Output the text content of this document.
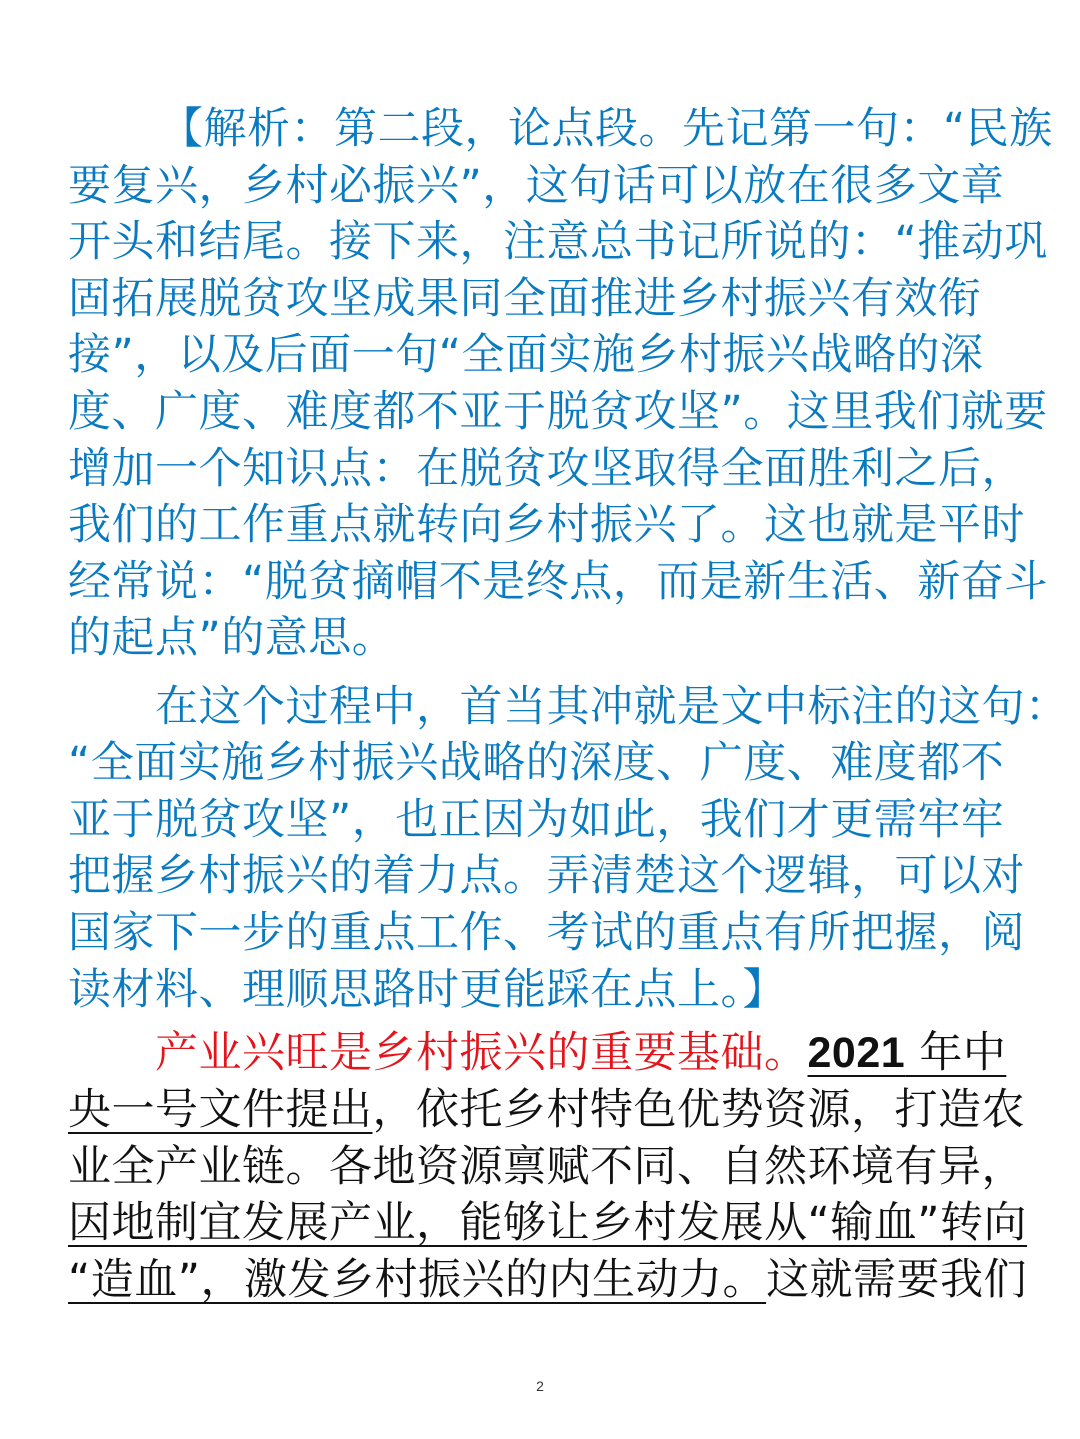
【解析：第二段，论点段。先记第一句：“民族
要复兴，乡村必振兴”，这句话可以放在很多文章
开头和结尾。接下来，注意总书记所说的：“推动巩
固拓展脱贫攻坚成果同全面推进乡村振兴有效衔
接”，以及后面一句“全面实施乡村振兴战略的深
度、广度、难度都不亚于脱贫攻坚”。这里我们就要
增加一个知识点：在脱贫攻坚取得全面胜利之后，
我们的工作重点就转向乡村振兴了。这也就是平时
经常说：“脱贫摘帽不是终点，而是新生活、新奋斗
的起点”的意思。
在这个过程中，首当其冲就是文中标注的这句：
“全面实施乡村振兴战略的深度、广度、难度都不
亚于脱贫攻坚”，也正因为如此，我们才更需牢牢
把握乡村振兴的着力点。弄清楚这个逻辑，可以对
国家下一步的重点工作、考试的重点有所把握，阅
读材料、理顺思路时更能踩在点上。】
产业兴旺是乡村振兴的重要基础。2021 年中
央一号文件提出，依托乡村特色优势资源，打造农
业全产业链。各地资源禀赋不同、自然环境有异，
因地制宜发展产业，能够让乡村发展从“输血”转向
“造血”，激发乡村振兴的内生动力。这就需要我们
2
